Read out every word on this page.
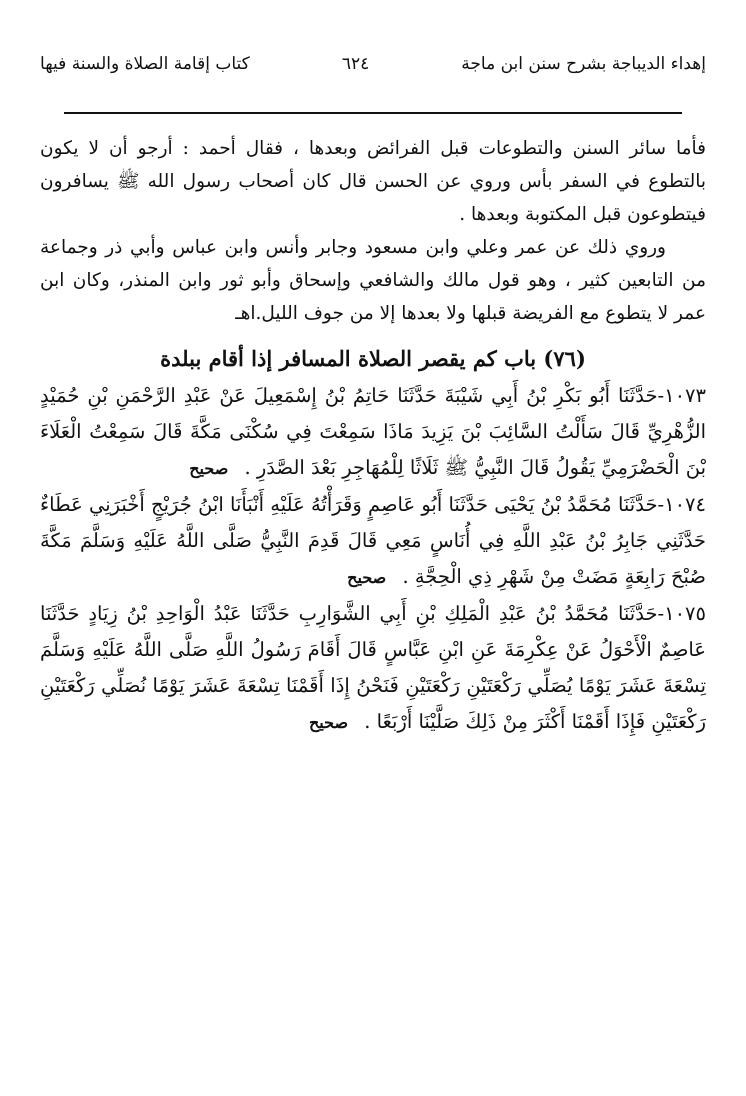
إهداء الديباجة بشرح سنن ابن ماجة
٦٢٤
كتاب إقامة الصلاة والسنة فيها

فأما سائر السنن والتطوعات قبل الفرائض وبعدها ، فقال أحمد : أرجو أن لا يكون بالتطوع في السفر بأس وروي عن الحسن قال كان أصحاب رسول الله ﷺ يسافرون فيتطوعون قبل المكتوبة وبعدها .

وروي ذلك عن عمر وعلي وابن مسعود وجابر وأنس وابن عباس وأبي ذر وجماعة من التابعين كثير ، وهو قول مالك والشافعي وإسحاق وأبو ثور وابن المنذر، وكان ابن عمر لا يتطوع مع الفريضة قبلها ولا بعدها إلا من جوف الليل.اهـ

(٧٦) باب كم يقصر الصلاة المسافر إذا أقام ببلدة
١٠٧٣-حَدَّثَنَا أَبُو بَكْرِ بْنُ أَبِي شَيْبَةَ حَدَّثَنَا حَاتِمُ بْنُ إِسْمَعِيلَ عَنْ عَبْدِ الرَّحْمَنِ بْنِ حُمَيْدٍ الزُّهْرِيِّ قَالَ سَأَلْتُ السَّائِبَ بْنَ يَزِيدَ مَاذَا سَمِعْتَ فِي سُكْنَى مَكَّةَ قَالَ سَمِعْتُ الْعَلَاءَ بْنَ الْحَضْرَمِيِّ يَقُولُ قَالَ النَّبِيُّ ﷺ ثَلَاثًا لِلْمُهَاجِرِ بَعْدَ الصَّدَرِ . صحيح
١٠٧٤-حَدَّثَنَا مُحَمَّدُ بْنُ يَحْيَى حَدَّثَنَا أَبُو عَاصِمٍ وَقَرَأْتُهُ عَلَيْهِ أَنْبَأَنَا ابْنُ جُرَيْجٍ أَخْبَرَنِي عَطَاءٌ حَدَّثَنِي جَابِرُ بْنُ عَبْدِ اللَّهِ فِي أُنَاسٍ مَعِي قَالَ قَدِمَ النَّبِيُّ صَلَّى اللَّهُ عَلَيْهِ وَسَلَّمَ مَكَّةَ صُبْحَ رَابِعَةٍ مَضَتْ مِنْ شَهْرِ ذِي الْحِجَّةِ . صحيح
١٠٧٥-حَدَّثَنَا مُحَمَّدُ بْنُ عَبْدِ الْمَلِكِ بْنِ أَبِي الشَّوَارِبِ حَدَّثَنَا عَبْدُ الْوَاحِدِ بْنُ زِيَادٍ حَدَّثَنَا عَاصِمٌ الْأَحْوَلُ عَنْ عِكْرِمَةَ عَنِ ابْنِ عَبَّاسٍ قَالَ أَقَامَ رَسُولُ اللَّهِ صَلَّى اللَّهُ عَلَيْهِ وَسَلَّمَ تِسْعَةَ عَشَرَ يَوْمًا يُصَلِّي رَكْعَتَيْنِ رَكْعَتَيْنِ فَنَحْنُ إِذَا أَقَمْنَا تِسْعَةَ عَشَرَ يَوْمًا نُصَلِّي رَكْعَتَيْنِ رَكْعَتَيْنِ فَإِذَا أَقَمْنَا أَكْثَرَ مِنْ ذَلِكَ صَلَّيْنَا أَرْبَعًا . صحيح
